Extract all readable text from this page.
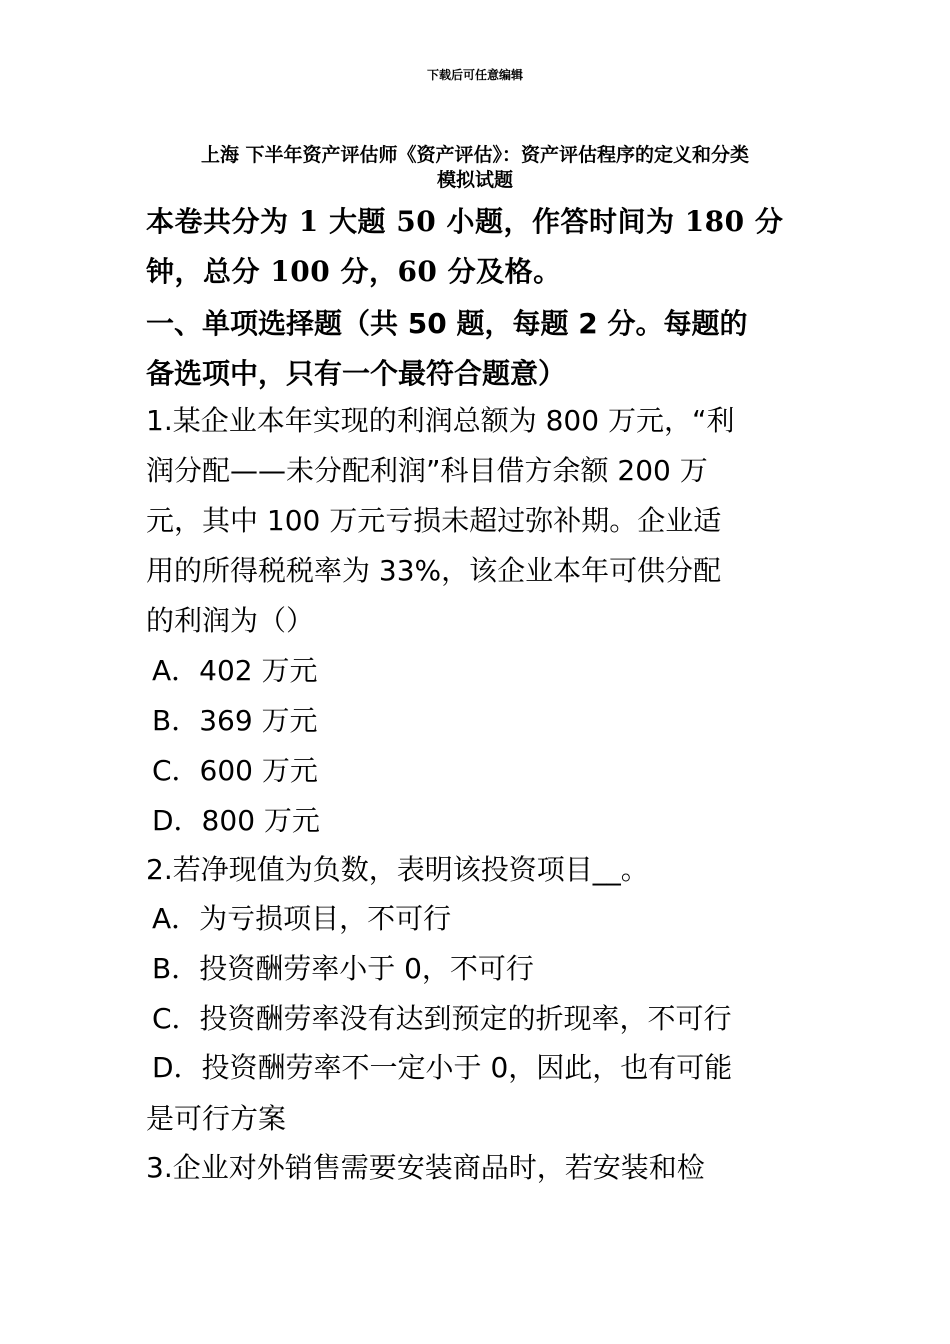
下载后可任意编辑
上海 下半年资产评估师《资产评估》：资产评估程序的定义和分类
模拟试题
本卷共分为 1 大题 50 小题，作答时间为 180 分
钟，总分 100 分，60 分及格。
一、单项选择题（共 50 题，每题 2 分。每题的
备选项中，只有一个最符合题意）
1.某企业本年实现的利润总额为 800 万元，“利
润分配——未分配利润”科目借方余额 200 万
元，其中 100 万元亏损未超过弥补期。企业适
用的所得税税率为 33%，该企业本年可供分配
的利润为（）
A．402 万元
B．369 万元
C．600 万元
D．800 万元
2.若净现值为负数，表明该投资项目__。
A．为亏损项目，不可行
B．投资酬劳率小于 0，不可行
C．投资酬劳率没有达到预定的折现率，不可行
D．投资酬劳率不一定小于 0，因此，也有可能
是可行方案
3.企业对外销售需要安装商品时，若安装和检
